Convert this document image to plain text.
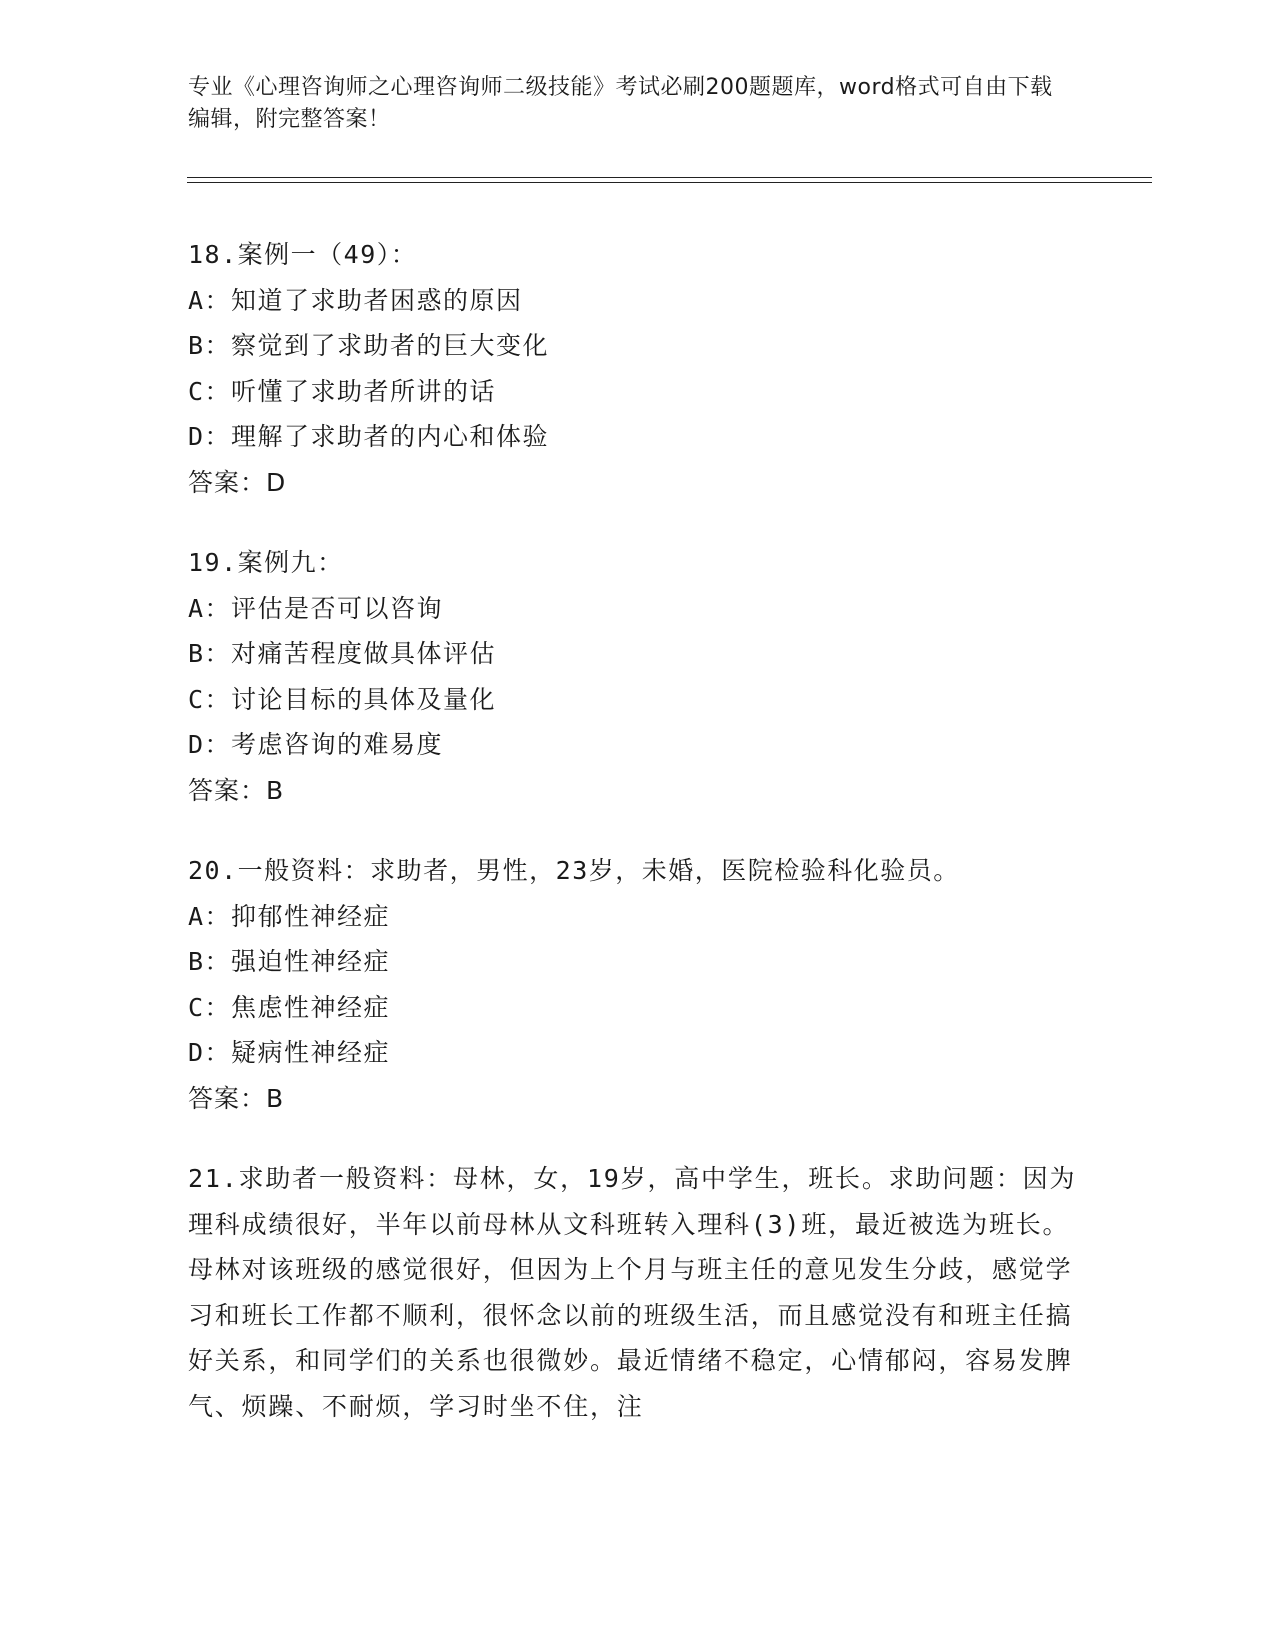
专业《心理咨询师之心理咨询师二级技能》考试必刷200题题库，word格式可自由下载编辑，附完整答案！
18.案例一（49）：
A：知道了求助者困惑的原因
B：察觉到了求助者的巨大变化
C：听懂了求助者所讲的话
D：理解了求助者的内心和体验
答案：D
19.案例九：
A：评估是否可以咨询
B：对痛苦程度做具体评估
C：讨论目标的具体及量化
D：考虑咨询的难易度
答案：B
20.一般资料：求助者，男性，23岁，未婚，医院检验科化验员。
A：抑郁性神经症
B：强迫性神经症
C：焦虑性神经症
D：疑病性神经症
答案：B
21.求助者一般资料：母林，女，19岁，高中学生，班长。求助问题：因为理科成绩很好，半年以前母林从文科班转入理科(3)班，最近被选为班长。母林对该班级的感觉很好，但因为上个月与班主任的意见发生分歧，感觉学习和班长工作都不顺利，很怀念以前的班级生活，而且感觉没有和班主任搞好关系，和同学们的关系也很微妙。最近情绪不稳定，心情郁闷，容易发脾气、烦躁、不耐烦，学习时坐不住，注
